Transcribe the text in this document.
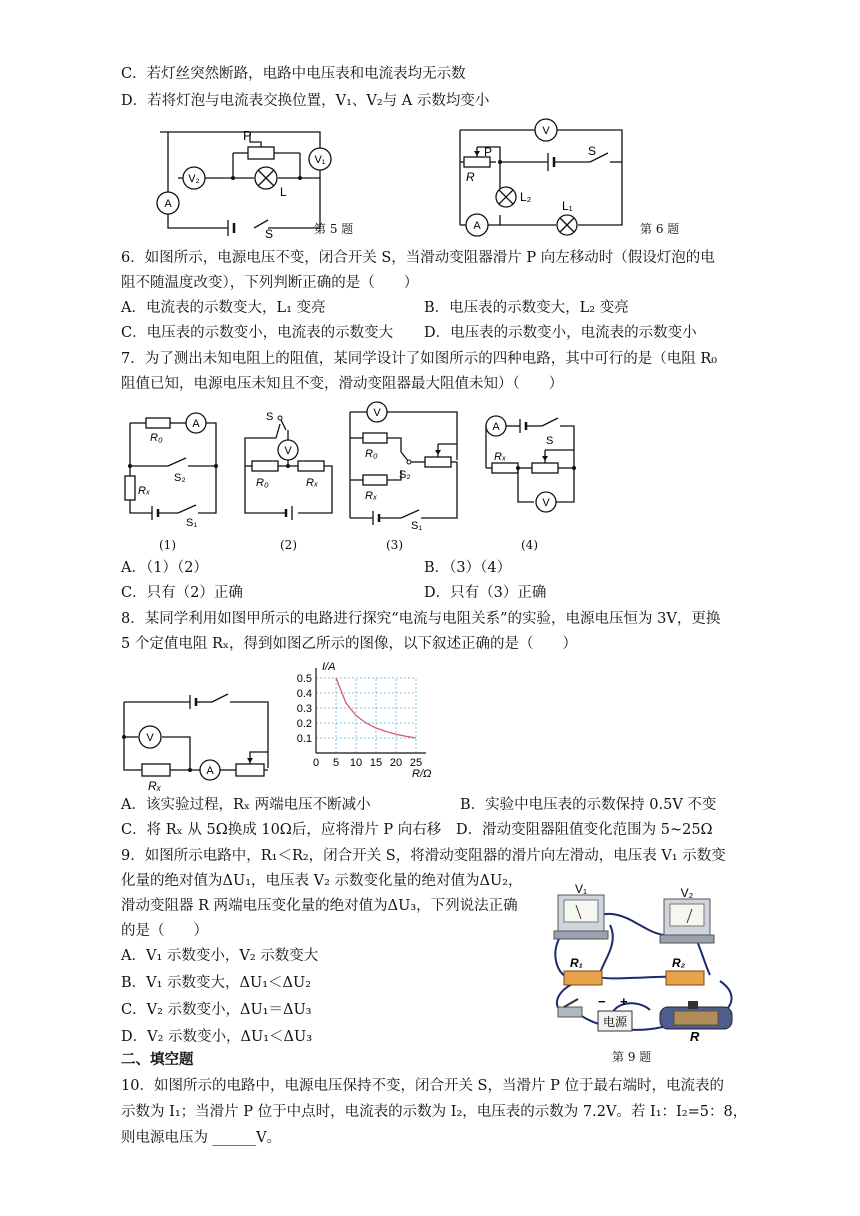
C．若灯丝突然断路，电路中电压表和电流表均无示数
D．若将灯泡与电流表交换位置，V₁、V₂与 A 示数均变小
P
A
V₂
V₁
L
S	第 5 题
V
P
R
S
L₂
L₁
A	第 6 题
6．如图所示，电源电压不变，闭合开关 S，当滑动变阻器滑片 P 向左移动时（假设灯泡的电
阻不随温度改变），下列判断正确的是（　　）
A．电流表的示数变大，L₁ 变亮	B．电压表的示数变大，L₂ 变亮
C．电压表的示数变小，电流表的示数变大 D．电压表的示数变小，电流表的示数变小
7．为了测出未知电阻上的阻值，某同学设计了如图所示的四种电路，其中可行的是（电阻 R₀
阻值已知，电源电压未知且不变，滑动变阻器最大阻值未知）（　　）
A
R₀
S₂
Rₓ
S₁
V
S
R₀	Rₓ
V
R₀
S₂
Rₓ
S₁
A
S
Rₓ
V
(1)	(2)	(3)	(4)
A．（1）（2）	B．（3）（4）
C．只有（2）正确	D．只有（3）正确
8．某同学利用如图甲所示的电路进行探究“电流与电阻关系”的实验，电源电压恒为 3V，更换
5 个定值电阻 Rₓ，得到如图乙所示的图像，以下叙述正确的是（　　）
V
A
Rₓ
0 5 10 15 20 25
0.1
0.2
0.3
0.4
0.5
I/A
R/Ω
A．该实验过程，Rₓ 两端电压不断减小	B．实验中电压表的示数保持 0.5V 不变
C．将 Rₓ 从 5Ω换成 10Ω后，应将滑片 P 向右移 D．滑动变阻器阻值变化范围为 5~25Ω
9．如图所示电路中，R₁＜R₂，闭合开关 S，将滑动变阻器的滑片向左滑动，电压表 V₁ 示数变
化量的绝对值为ΔU₁，电压表 V₂ 示数变化量的绝对值为ΔU₂，
滑动变阻器 R 两端电压变化量的绝对值为ΔU₃，下列说法正确
的是（　　）
A．V₁ 示数变小，V₂ 示数变大
B．V₁ 示数变大，ΔU₁＜ΔU₂
C．V₂ 示数变小，ΔU₁＝ΔU₃
D．V₂ 示数变小，ΔU₁＜ΔU₃
V₁	V₂
R₁	R₂
− +
电源
R
第 9 题
二、填空题
10．如图所示的电路中，电源电压保持不变，闭合开关 S，当滑片 P 位于最右端时，电流表的
示数为 I₁；当滑片 P 位于中点时，电流表的示数为 I₂，电压表的示数为 7.2V。若 I₁：I₂=5：8，
则电源电压为 ______V。
